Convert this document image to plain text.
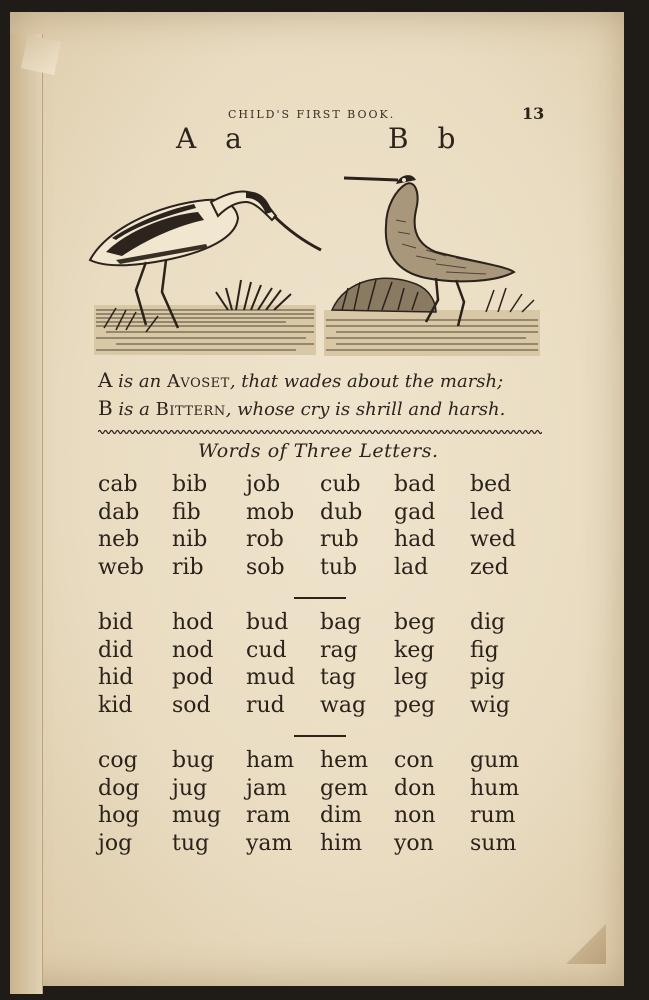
CHILD'S FIRST BOOK.	13
A a	B b
A is an Avoset, that wades about the marsh;
B is a Bittern, whose cry is shrill and harsh.
Words of Three Letters.
cab bib job cub bad bed
dab fib mob dub gad led
neb nib rob rub had wed
web rib sob tub lad zed
bid hod bud bag beg dig
did nod cud rag keg fig
hid pod mud tag leg pig
kid sod rud wag peg wig
cog bug ham hem con gum
dog jug jam gem don hum
hog mug ram dim non rum
jog tug yam him yon sum
